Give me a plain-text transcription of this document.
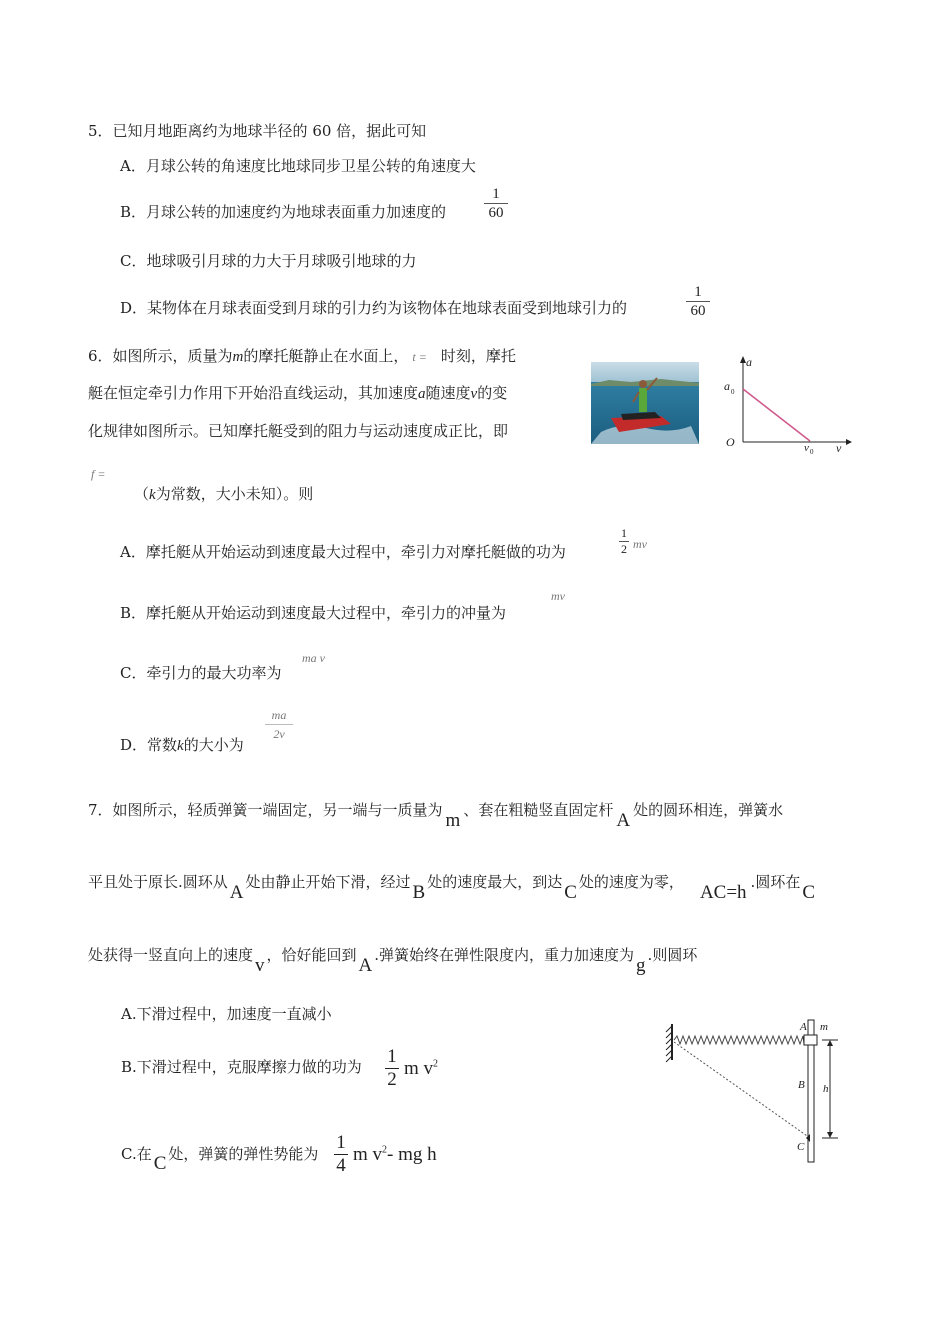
5．已知月地距离约为地球半径的 60 倍，据此可知
A．月球公转的角速度比地球同步卫星公转的角速度大
B．月球公转的加速度约为地球表面重力加速度的
1
60
C．地球吸引月球的力大于月球吸引地球的力
D．某物体在月球表面受到月球的引力约为该物体在地球表面受到地球引力的
1
60
6．如图所示，质量为m的摩托艇静止在水面上， t = 时刻，摩托
艇在恒定牵引力作用下开始沿直线运动，其加速度a随速度v的变
化规律如图所示。已知摩托艇受到的阻力与运动速度成正比，即
f =
（k为常数，大小未知）。则
a
v
O
a 0
v 0
A．摩托艇从开始运动到速度最大过程中，牵引力对摩托艇做的功为
1
2 mv
B．摩托艇从开始运动到速度最大过程中，牵引力的冲量为
mv
C．牵引力的最大功率为
ma v
D．常数k的大小为
ma
2v
7．如图所示，轻质弹簧一端固定，另一端与一质量为 m 、套在粗糙竖直固定杆 A 处的圆环相连，弹簧水
平且处于原长.圆环从 A 处由静止开始下滑，经过 B 处的速度最大，到达 C 处的速度为零， AC=h .圆环在 C
处获得一竖直向上的速度 v ，恰好能回到 A .弹簧始终在弹性限度内，重力加速度为 g .则圆环
A.下滑过程中，加速度一直减小
B.下滑过程中，克服摩擦力做的功为 1
2
m $v^2$
C.在 C 处，弹簧的弹性势能为
1
4
m $v^2-$ mg h
A m
B h
C
